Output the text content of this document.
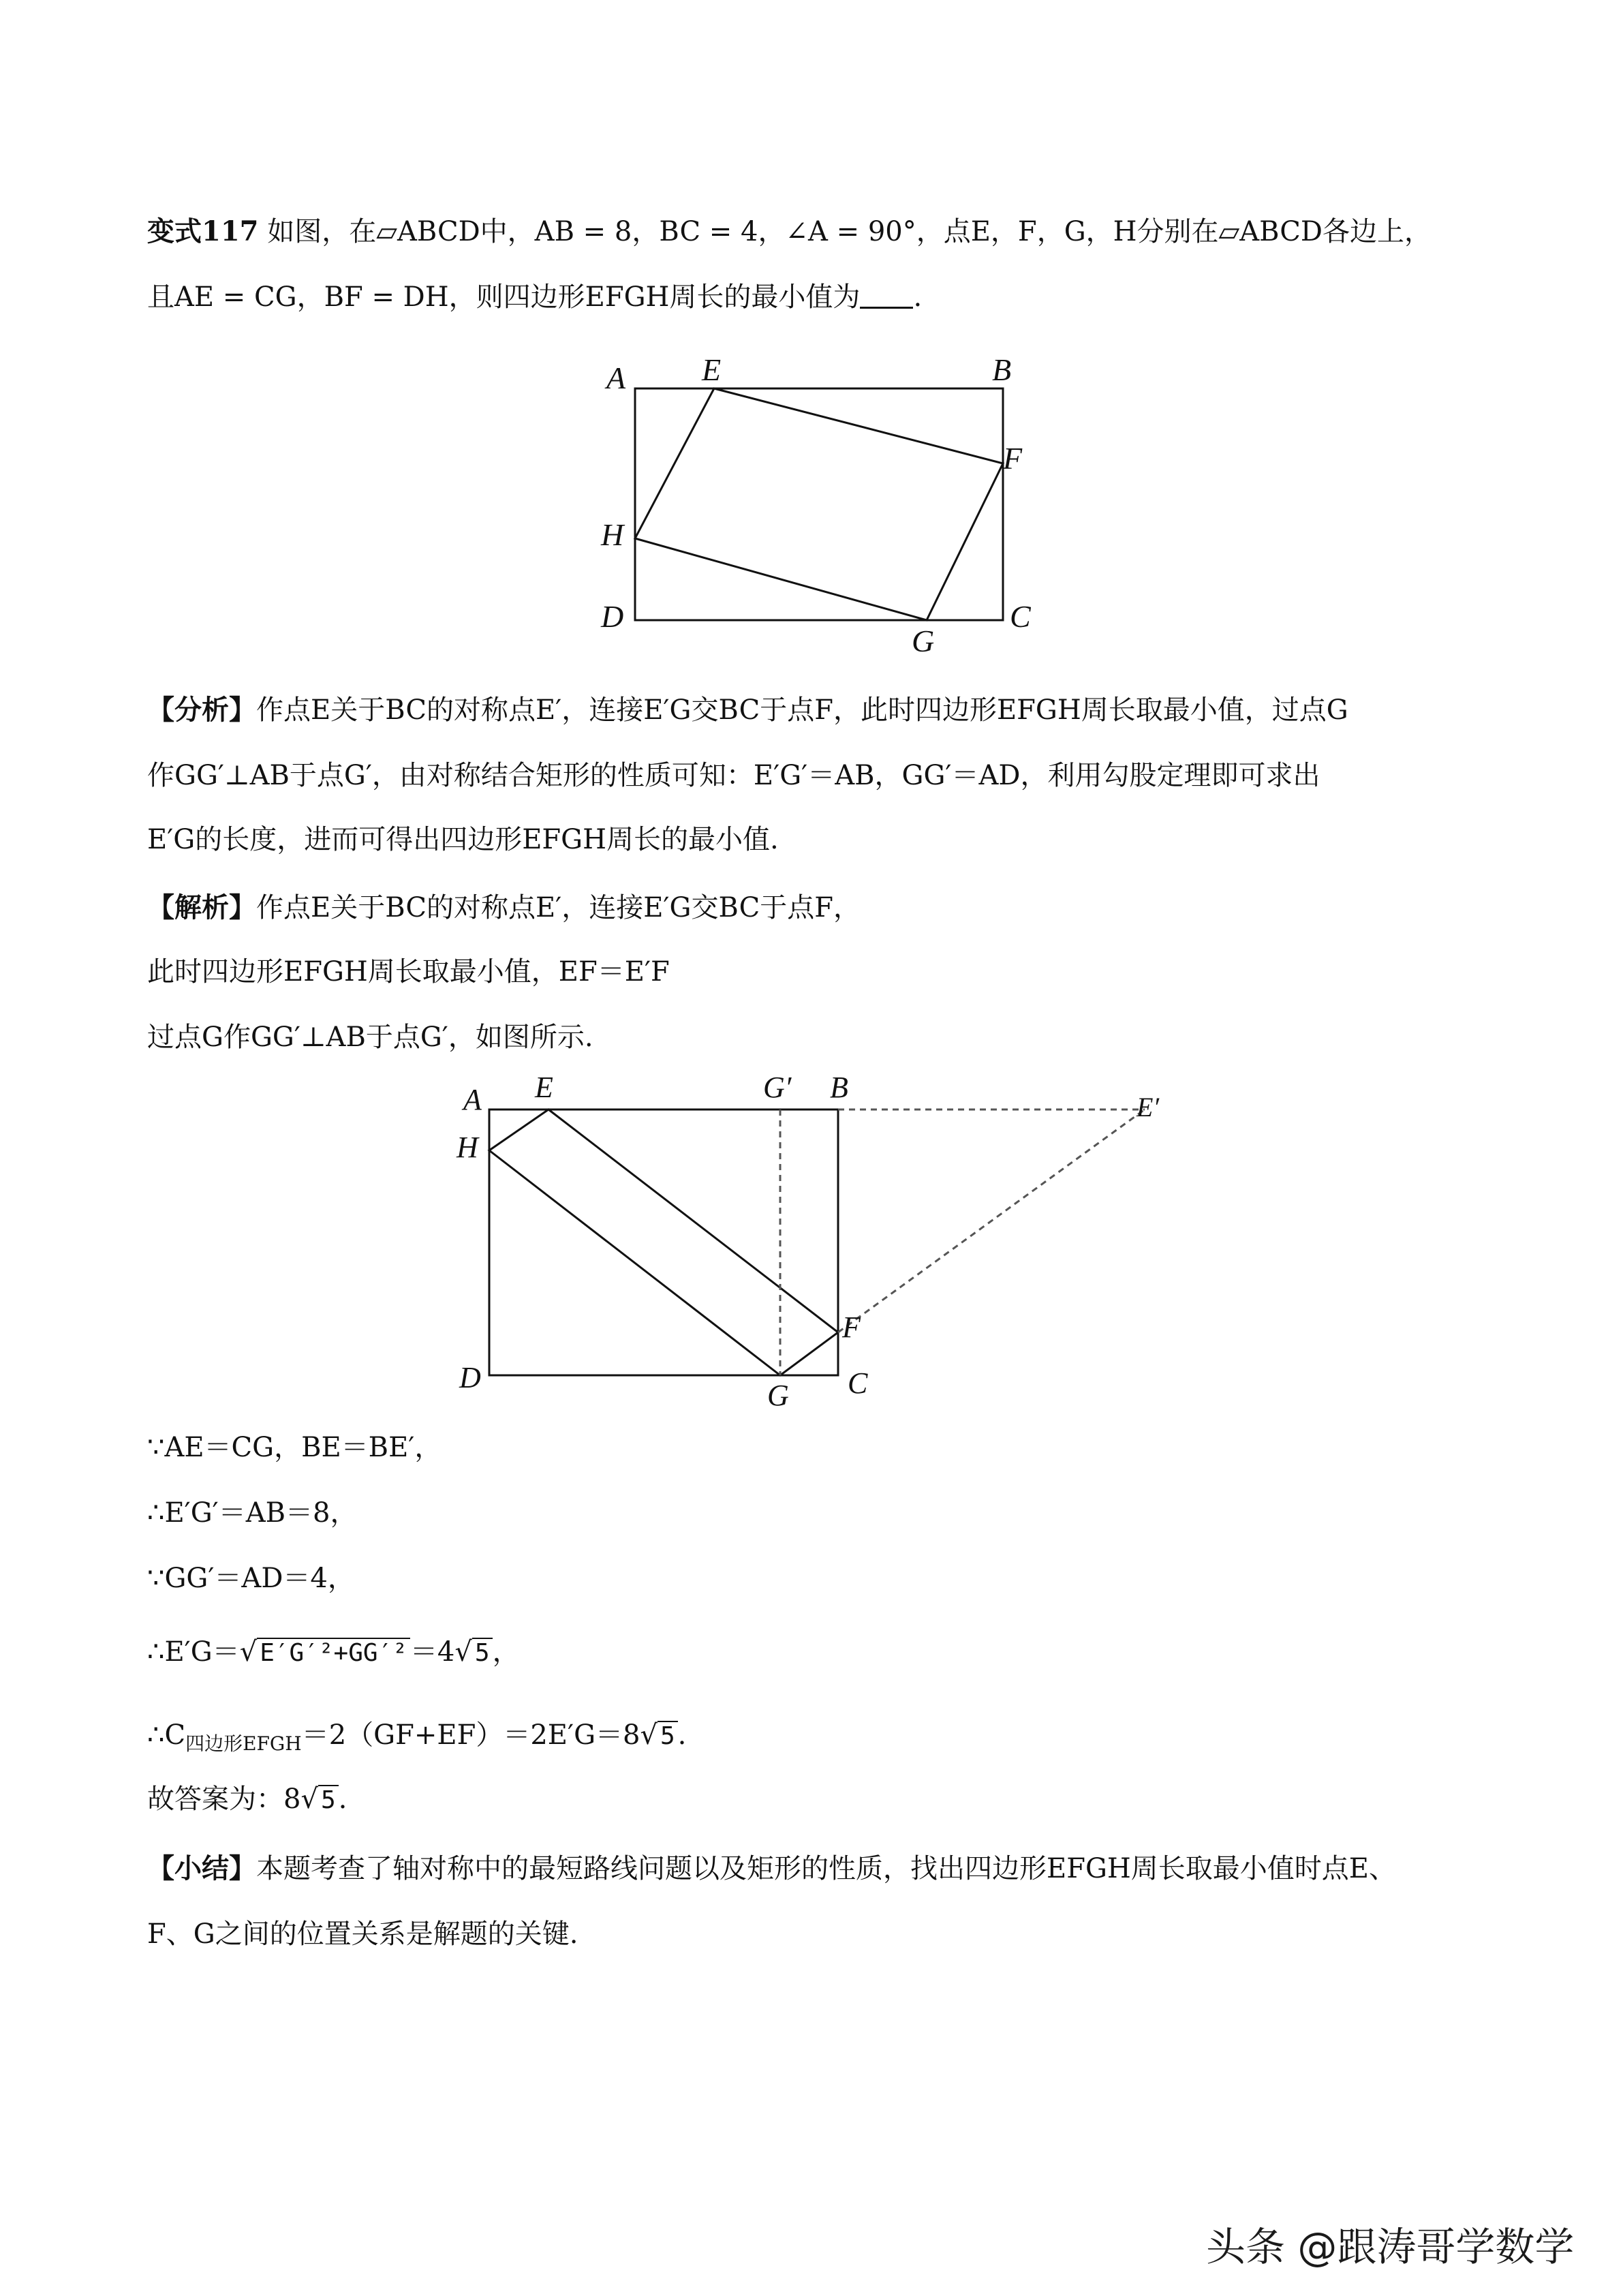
变式117 如图，在▱ABCD中，AB = 8，BC = 4，∠A = 90°，点E，F，G，H分别在▱ABCD各边上，
且AE = CG，BF = DH，则四边形EFGH周长的最小值为 .
A E	B
F
H
D
G
C
【分析】作点E关于BC的对称点E′，连接E′G交BC于点F，此时四边形EFGH周长取最小值，过点G
作GG′⊥AB于点G′，由对称结合矩形的性质可知：E′G′＝AB，GG′＝AD，利用勾股定理即可求出
E′G的长度，进而可得出四边形EFGH周长的最小值.
【解析】作点E关于BC的对称点E′，连接E′G交BC于点F，
此时四边形EFGH周长取最小值，EF＝E′F
过点G作GG′⊥AB于点G′，如图所示.
A E	G′ B
E′
H
F
D
G C
∵AE＝CG，BE＝BE′，
∴E′G′＝AB＝8，
∵GG′＝AD＝4，
∴E′G＝√ E′G′²+GG′² ＝4√ 5 ，
$\therefore C_{四边形EFGH}=2(GF+EF)=2E'G=8√$ 5 .
故答案为：8√ 5 .
【小结】本题考查了轴对称中的最短路线问题以及矩形的性质，找出四边形EFGH周长取最小值时点E、
F、G之间的位置关系是解题的关键.
头条 @跟涛哥学数学
